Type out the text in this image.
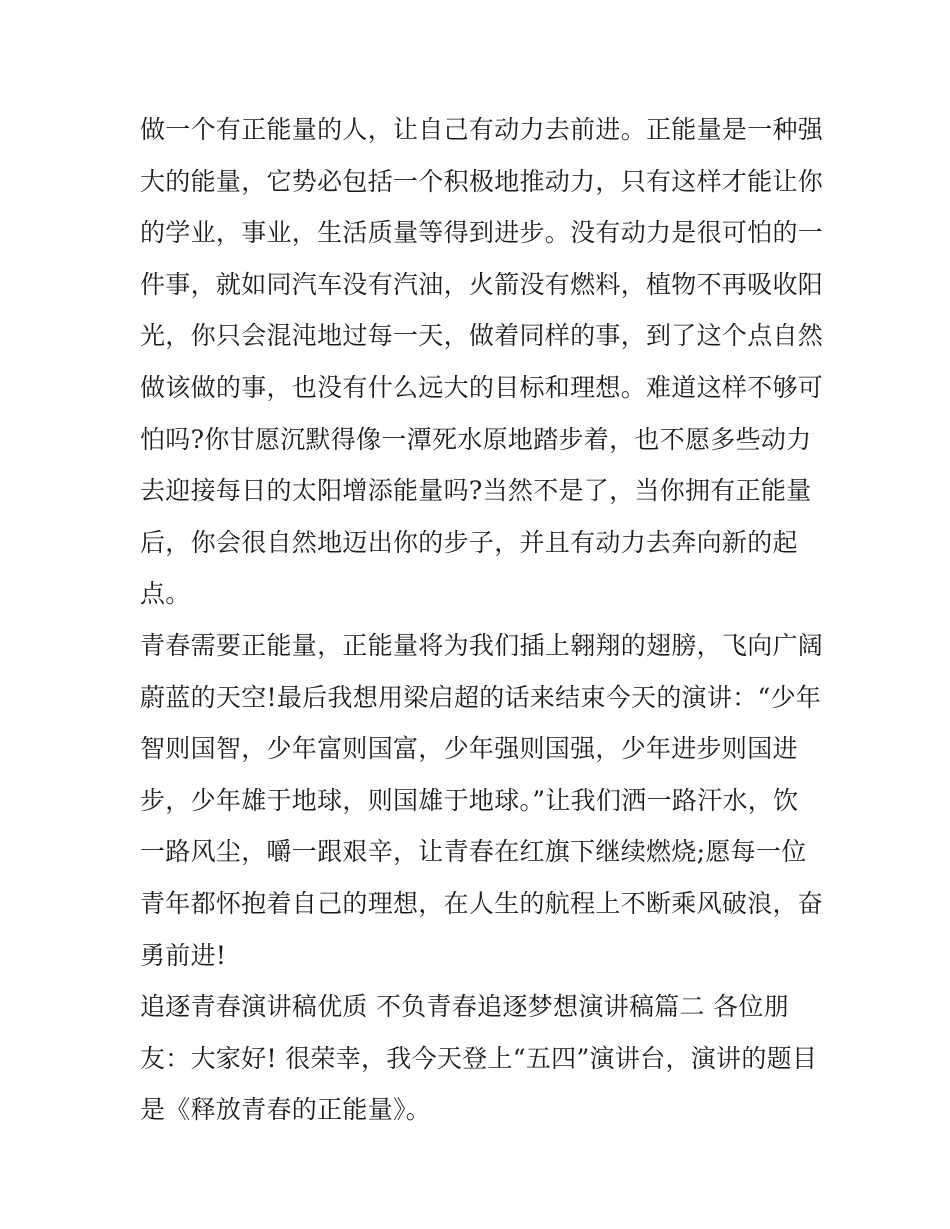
做一个有正能量的人，让自己有动力去前进。正能量是一种强
大的能量，它势必包括一个积极地推动力，只有这样才能让你
的学业，事业，生活质量等得到进步。没有动力是很可怕的一
件事，就如同汽车没有汽油，火箭没有燃料，植物不再吸收阳
光，你只会混沌地过每一天，做着同样的事，到了这个点自然
做该做的事，也没有什么远大的目标和理想。难道这样不够可
怕吗?你甘愿沉默得像一潭死水原地踏步着，也不愿多些动力
去迎接每日的太阳增添能量吗?当然不是了，当你拥有正能量
后，你会很自然地迈出你的步子，并且有动力去奔向新的起
点。
青春需要正能量，正能量将为我们插上翱翔的翅膀，飞向广阔
蔚蓝的天空!最后我想用梁启超的话来结束今天的演讲：“少年
智则国智，少年富则国富，少年强则国强，少年进步则国进
步，少年雄于地球，则国雄于地球。”让我们洒一路汗水，饮
一路风尘，嚼一跟艰辛，让青春在红旗下继续燃烧;愿每一位
青年都怀抱着自己的理想，在人生的航程上不断乘风破浪，奋
勇前进!
追逐青春演讲稿优质 不负青春追逐梦想演讲稿篇二 各位朋
友：大家好! 很荣幸，我今天登上“五四”演讲台，演讲的题目
是《释放青春的正能量》。
